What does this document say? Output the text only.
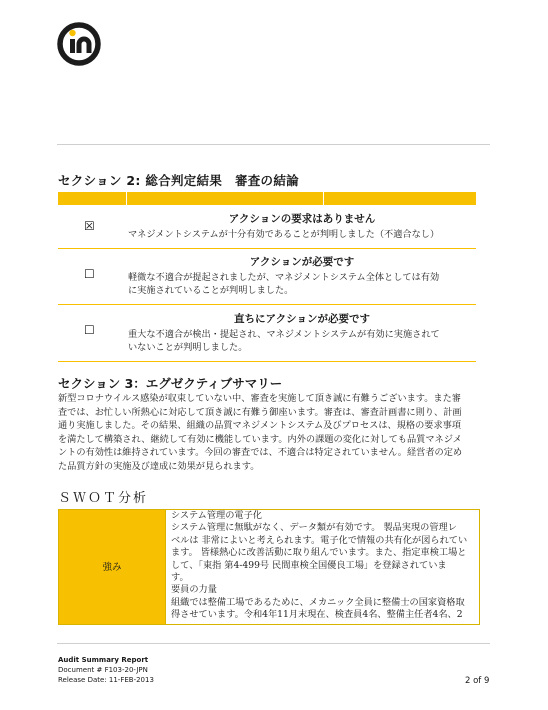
セクション 2: 総合判定結果　審査の結論
☒	アクションの要求はありません
マネジメントシステムが十分有効であることが判明しました（不適合なし）
☐
アクションが必要です
軽微な不適合が提起されましたが、マネジメントシステム全体としては有効
に実施されていることが判明しました。
☐
直ちにアクションが必要です
重大な不適合が検出・提起され、マネジメントシステムが有効に実施されて
いないことが判明しました。
セクション 3：エグゼクティブサマリー
新型コロナウイルス感染が収束していない中、審査を実施して頂き誠に有難うございます。また審
査では、お忙しい所熱心に対応して頂き誠に有難う御座います。審査は、審査計画書に則り、計画
通り実施しました。その結果、組織の品質マネジメントシステム及びプロセスは、規格の要求事項
を満たして構築され、継続して有効に機能しています。内外の課題の変化に対しても品質マネジメ
ントの有効性は維持されています。今回の審査では、不適合は特定されていません。経営者の定め
た品質方針の実施及び達成に効果が見られます。
ＳＷＯＴ分析
強み
システム管理の電子化
システム管理に無駄がなく、データ類が有効です。 製品実現の管理レ
ベルは 非常によいと考えられます。電子化で情報の共有化が図られてい
ます。 皆様熱心に改善活動に取り組んでいます。また、指定車検工場と
して、「東指 第4-499号 民間車検全国優良工場」を登録されていま
す。
要員の力量
組織では整備工場であるために、メカニック全員に整備士の国家資格取
得させています。令和4年11月末現在、検査員4名、整備主任者4名、2
Audit Summary Report
Document # F103-20-JPN
Release Date: 11-FEB-2013	2 of 9
